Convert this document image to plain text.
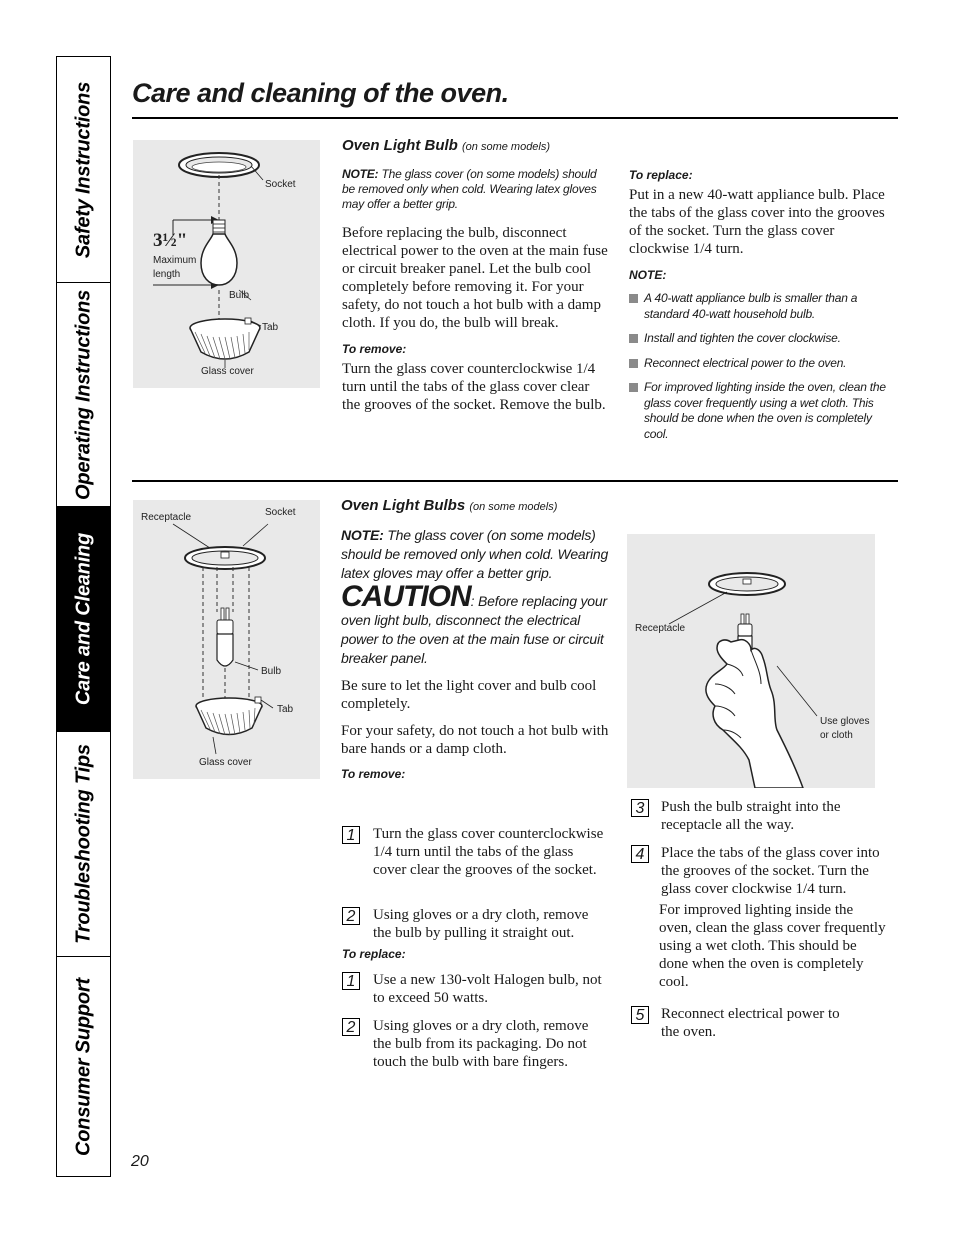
Safety Instructions
Operating Instructions
Care and Cleaning
Troubleshooting Tips
Consumer Support
Care and cleaning of the oven.
Socket
3½"
Maximum
length
Bulb
Tab
Glass cover
Oven Light Bulb (on some models)

NOTE: The glass cover (on some models) should be removed only when cold. Wearing latex gloves may offer a better grip.

Before replacing the bulb, disconnect electrical power to the oven at the main fuse or circuit breaker panel. Let the bulb cool completely before removing it. For your safety, do not touch a hot bulb with a damp cloth. If you do, the bulb will break.

To remove:

Turn the glass cover counterclockwise 1/4 turn until the tabs of the glass cover clear the grooves of the socket. Remove the bulb.

To replace:

Put in a new 40-watt appliance bulb. Place the tabs of the glass cover into the grooves of the socket. Turn the glass cover clockwise 1/4 turn.

NOTE:

A 40-watt appliance bulb is smaller than a standard 40-watt household bulb.

Install and tighten the cover clockwise.

Reconnect electrical power to the oven.

For improved lighting inside the oven, clean the glass cover frequently using a wet cloth. This should be done when the oven is completely cool.

Receptacle	Socket
Bulb
Tab
Glass cover
Oven Light Bulbs (on some models)

NOTE: The glass cover (on some models) should be removed only when cold. Wearing latex gloves may offer a better grip.

CAUTION: Before replacing your oven light bulb, disconnect the electrical power to the oven at the main fuse or circuit breaker panel.

Be sure to let the light cover and bulb cool completely.

For your safety, do not touch a hot bulb with bare hands or a damp cloth.

To remove:

1	Turn the glass cover counterclockwise 1/4 turn until the tabs of the glass cover clear the grooves of the socket.

2	Using gloves or a dry cloth, remove the bulb by pulling it straight out.

To replace:

1	Use a new 130-volt Halogen bulb, not to exceed 50 watts.

2	Using gloves or a dry cloth, remove the bulb from its packaging. Do not touch the bulb with bare fingers.

Receptacle
Use gloves
or cloth
3	Push the bulb straight into the receptacle all the way.

4	Place the tabs of the glass cover into the grooves of the socket. Turn the glass cover clockwise 1/4 turn.

For improved lighting inside the oven, clean the glass cover frequently using a wet cloth. This should be done when the oven is completely cool.

5	Reconnect electrical power to the oven.

20
